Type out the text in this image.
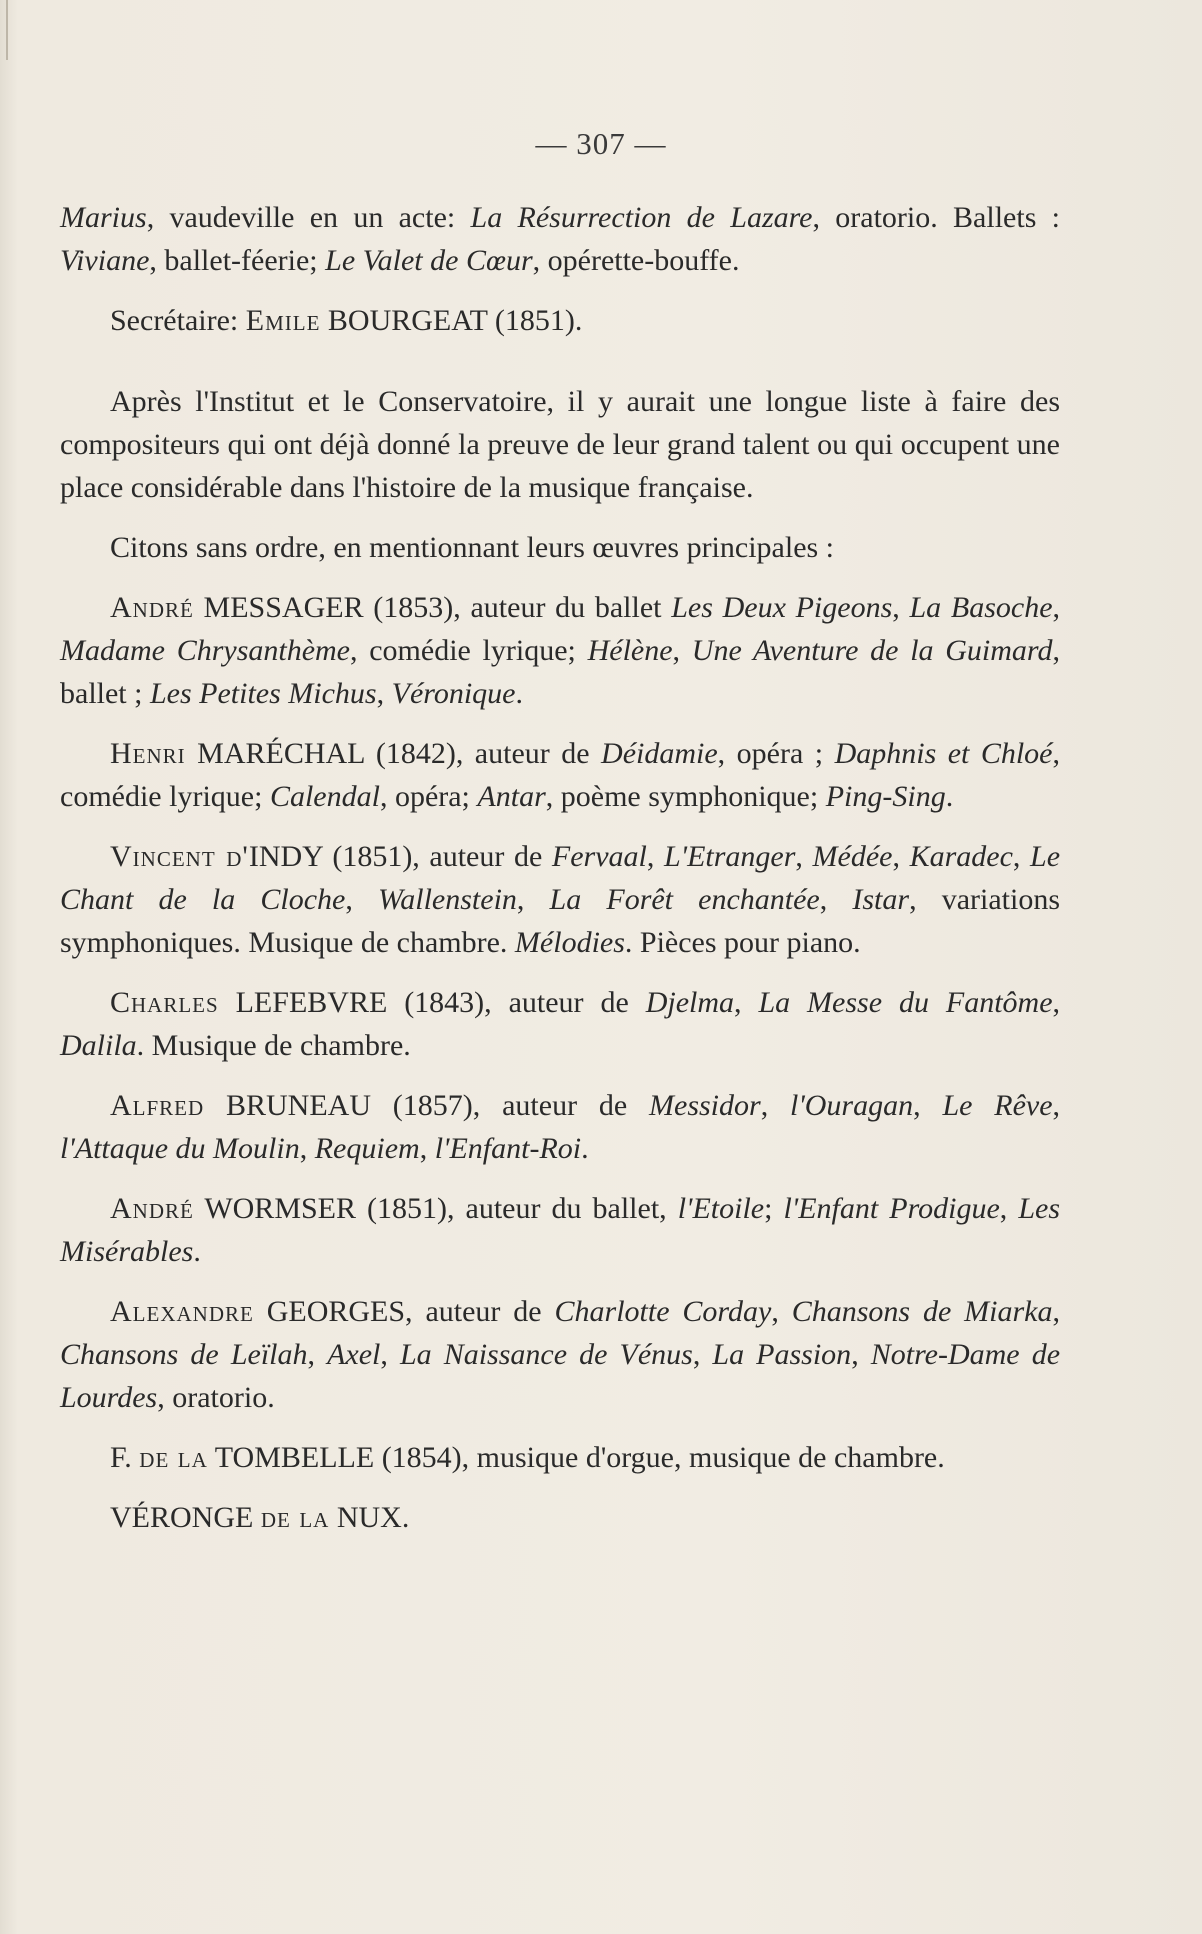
— 307 —

Marius, vaudeville en un acte: La Résurrection de Lazare, oratorio. Ballets : Viviane, ballet-féerie; Le Valet de Cœur, opérette-bouffe.

Secrétaire: Emile BOURGEAT (1851).

Après l'Institut et le Conservatoire, il y aurait une longue liste à faire des compositeurs qui ont déjà donné la preuve de leur grand talent ou qui occupent une place considérable dans l'histoire de la musique française.

Citons sans ordre, en mentionnant leurs œuvres principales :

André MESSAGER (1853), auteur du ballet Les Deux Pigeons, La Basoche, Madame Chrysanthème, comédie lyrique; Hélène, Une Aventure de la Guimard, ballet ; Les Petites Michus, Véronique.

Henri MARÉCHAL (1842), auteur de Déidamie, opéra ; Daphnis et Chloé, comédie lyrique; Calendal, opéra; Antar, poème symphonique; Ping-Sing.

Vincent d'INDY (1851), auteur de Fervaal, L'Etranger, Médée, Karadec, Le Chant de la Cloche, Wallenstein, La Forêt enchantée, Istar, variations symphoniques. Musique de chambre. Mélodies. Pièces pour piano.

Charles LEFEBVRE (1843), auteur de Djelma, La Messe du Fantôme, Dalila. Musique de chambre.

Alfred BRUNEAU (1857), auteur de Messidor, l'Ouragan, Le Rêve, l'Attaque du Moulin, Requiem, l'Enfant-Roi.

André WORMSER (1851), auteur du ballet, l'Etoile; l'Enfant Prodigue, Les Misérables.

Alexandre GEORGES, auteur de Charlotte Corday, Chansons de Miarka, Chansons de Leïlah, Axel, La Naissance de Vénus, La Passion, Notre-Dame de Lourdes, oratorio.

F. de la TOMBELLE (1854), musique d'orgue, musique de chambre.

VÉRONGE de la NUX.
